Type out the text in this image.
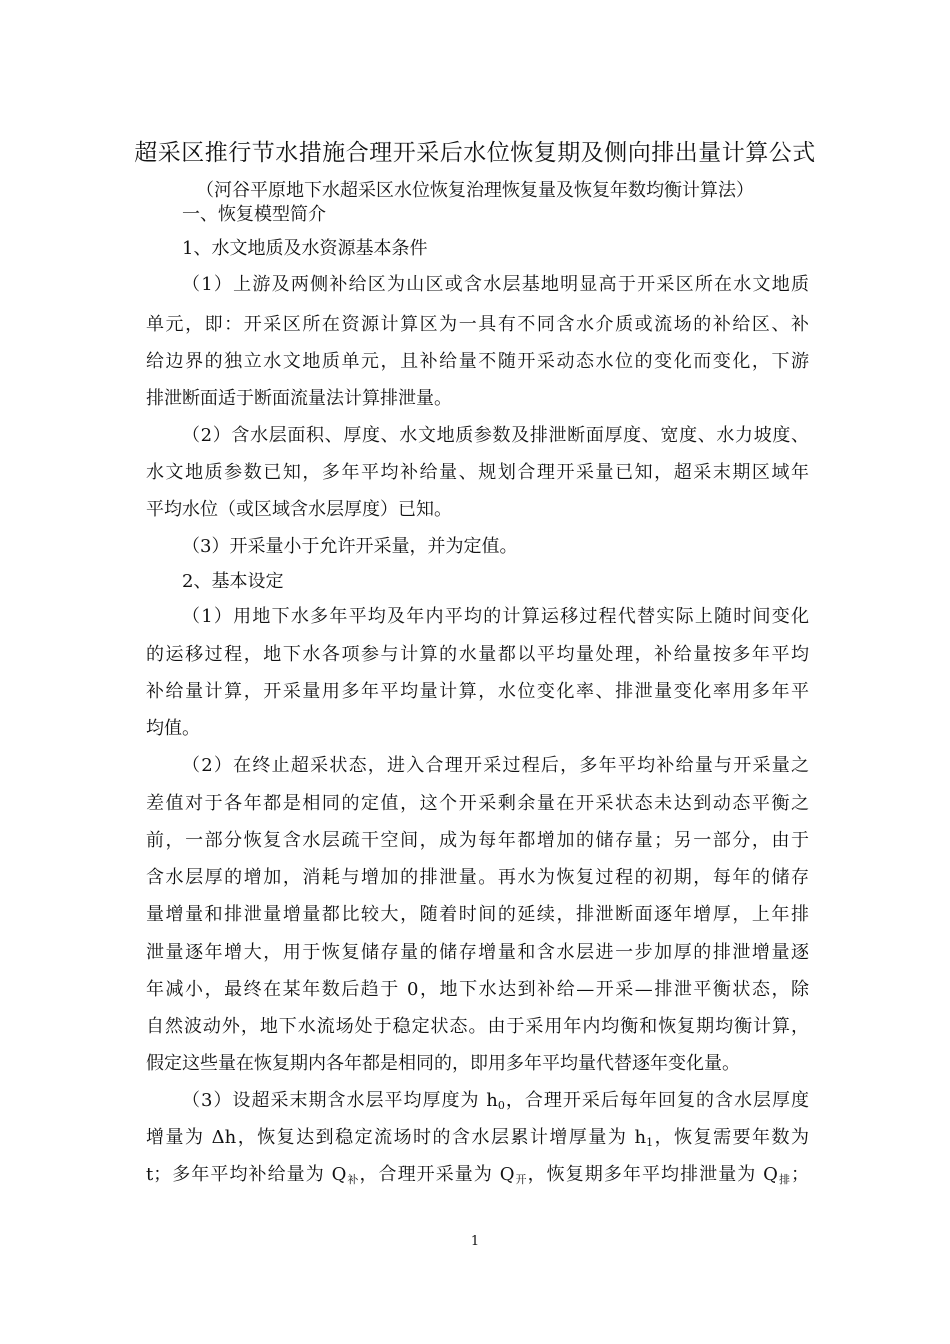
超采区推行节水措施合理开采后水位恢复期及侧向排出量计算公式
（河谷平原地下水超采区水位恢复治理恢复量及恢复年数均衡计算法）
一、恢复模型简介
1、水文地质及水资源基本条件
（1）上游及两侧补给区为山区或含水层基地明显高于开采区所在水文地质
单元，即：开采区所在资源计算区为一具有不同含水介质或流场的补给区、补
给边界的独立水文地质单元，且补给量不随开采动态水位的变化而变化，下游
排泄断面适于断面流量法计算排泄量。
（2）含水层面积、厚度、水文地质参数及排泄断面厚度、宽度、水力坡度、
水文地质参数已知，多年平均补给量、规划合理开采量已知，超采末期区域年
平均水位（或区域含水层厚度）已知。
（3）开采量小于允许开采量，并为定值。
2、基本设定
（1）用地下水多年平均及年内平均的计算运移过程代替实际上随时间变化
的运移过程，地下水各项参与计算的水量都以平均量处理，补给量按多年平均
补给量计算，开采量用多年平均量计算，水位变化率、排泄量变化率用多年平
均值。
（2）在终止超采状态，进入合理开采过程后，多年平均补给量与开采量之
差值对于各年都是相同的定值，这个开采剩余量在开采状态未达到动态平衡之
前，一部分恢复含水层疏干空间，成为每年都增加的储存量；另一部分，由于
含水层厚的增加，消耗与增加的排泄量。再水为恢复过程的初期，每年的储存
量增量和排泄量增量都比较大，随着时间的延续，排泄断面逐年增厚，上年排
泄量逐年增大，用于恢复储存量的储存增量和含水层进一步加厚的排泄增量逐
年减小，最终在某年数后趋于 0，地下水达到补给—开采—排泄平衡状态，除
自然波动外，地下水流场处于稳定状态。由于采用年内均衡和恢复期均衡计算，
假定这些量在恢复期内各年都是相同的，即用多年平均量代替逐年变化量。
（3）设超采末期含水层平均厚度为 $h_0$，合理开采后每年回复的含水层厚度
增量为 Δh，恢复达到稳定流场时的含水层累计增厚量为 $h_1$，恢复需要年数为
t；多年平均补给量为 $Q_补$，合理开采量为 $Q_开$，恢复期多年平均排泄量为 $Q_排$；
1
